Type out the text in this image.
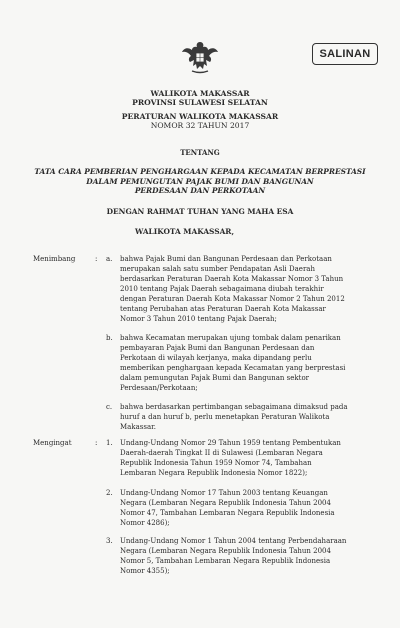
SALINAN
WALIKOTA MAKASSAR
PROVINSI SULAWESI SELATAN
PERATURAN WALIKOTA MAKASSAR
NOMOR 32 TAHUN 2017
TENTANG
TATA CARA PEMBERIAN PENGHARGAAN KEPADA KECAMATAN BERPRESTASI
DALAM PEMUNGUTAN PAJAK BUMI DAN BANGUNAN
PERDESAAN DAN PERKOTAAN
DENGAN RAHMAT TUHAN YANG MAHA ESA
WALIKOTA MAKASSAR,
Menimbang	: a.	bahwa Pajak Bumi dan Bangunan Perdesaan dan Perkotaan
merupakan salah satu sumber Pendapatan Asli Daerah
berdasarkan Peraturan Daerah Kota Makassar Nomor 3 Tahun
2010 tentang Pajak Daerah sebagaimana diubah terakhir
dengan Peraturan Daerah Kota Makassar Nomor 2 Tahun 2012
tentang Perubahan atas Peraturan Daerah Kota Makassar
Nomor 3 Tahun 2010 tentang Pajak Daerah;
b.	bahwa Kecamatan merupakan ujung tombak dalam penarikan
pembayaran Pajak Bumi dan Bangunan Perdesaan dan
Perkotaan di wilayah kerjanya, maka dipandang perlu
memberikan penghargaan kepada Kecamatan yang berprestasi
dalam pemungutan Pajak Bumi dan Bangunan sektor
Perdesaan/Perkotaan;
c.	bahwa berdasarkan pertimbangan sebagaimana dimaksud pada
huruf a dan huruf b, perlu menetapkan Peraturan Walikota
Makassar.
Mengingat	: 1.	Undang-Undang Nomor 29 Tahun 1959 tentang Pembentukan
Daerah-daerah Tingkat II di Sulawesi (Lembaran Negara
Republik Indonesia Tahun 1959 Nomor 74, Tambahan
Lembaran Negara Republik Indonesia Nomor 1822);
2.	Undang-Undang Nomor 17 Tahun 2003 tentang Keuangan
Negara (Lembaran Negara Republik Indonesia Tahun 2004
Nomor 47, Tambahan Lembaran Negara Republik Indonesia
Nomor 4286);
3.	Undang-Undang Nomor 1 Tahun 2004 tentang Perbendaharaan
Negara (Lembaran Negara Republik Indonesia Tahun 2004
Nomor 5, Tambahan Lembaran Negara Republik Indonesia
Nomor 4355);
